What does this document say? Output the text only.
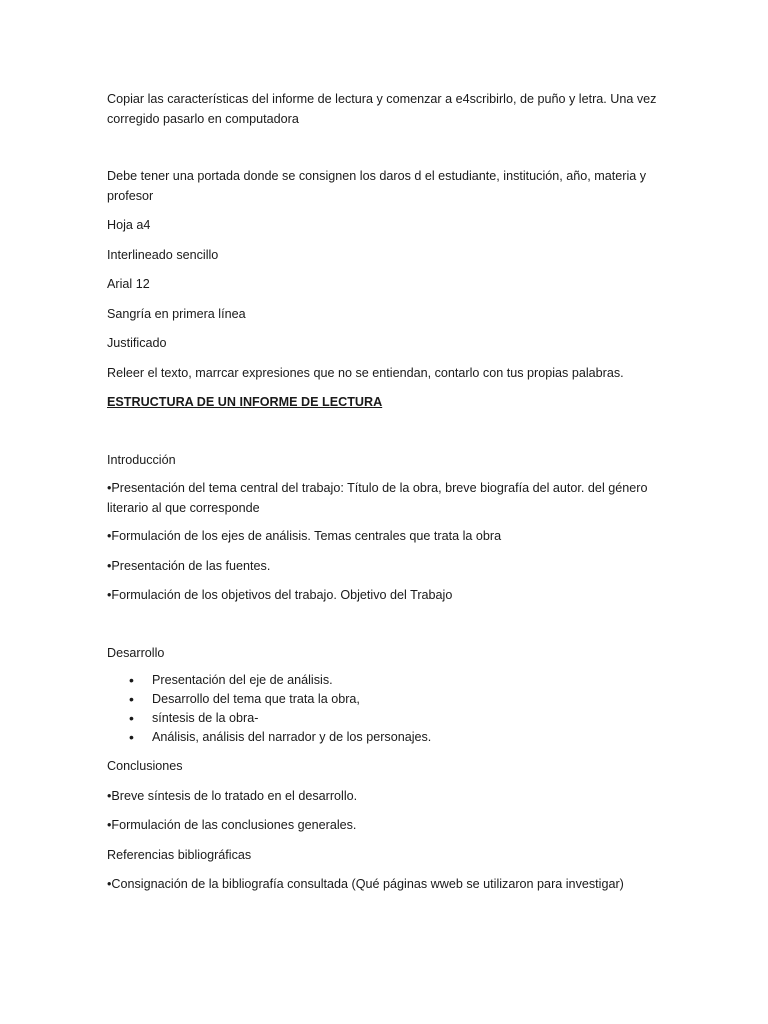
Copiar las características del informe de lectura y comenzar a e4scribirlo, de puño y letra. Una vez corregido pasarlo en computadora

Debe tener una portada donde se consignen los daros d el estudiante, institución, año, materia y profesor

Hoja a4

Interlineado sencillo

Arial 12

Sangría en primera línea

Justificado

Releer el texto, marrcar expresiones que no se entiendan, contarlo con tus propias palabras.

ESTRUCTURA DE UN INFORME DE LECTURA

Introducción

•Presentación del tema central del trabajo: Título de la obra, breve biografía del autor. del género literario al que corresponde

•Formulación de los ejes de análisis. Temas centrales que trata la obra

•Presentación de las fuentes.

•Formulación de los objetivos del trabajo. Objetivo del Trabajo

Desarrollo

• Presentación del eje de análisis.
• Desarrollo del tema que trata la obra,
• síntesis de la obra-
• Análisis, análisis del narrador y de los personajes.

Conclusiones

•Breve síntesis de lo tratado en el desarrollo.

•Formulación de las conclusiones generales.

Referencias bibliográficas

•Consignación de la bibliografía consultada (Qué páginas wweb se utilizaron para investigar)
